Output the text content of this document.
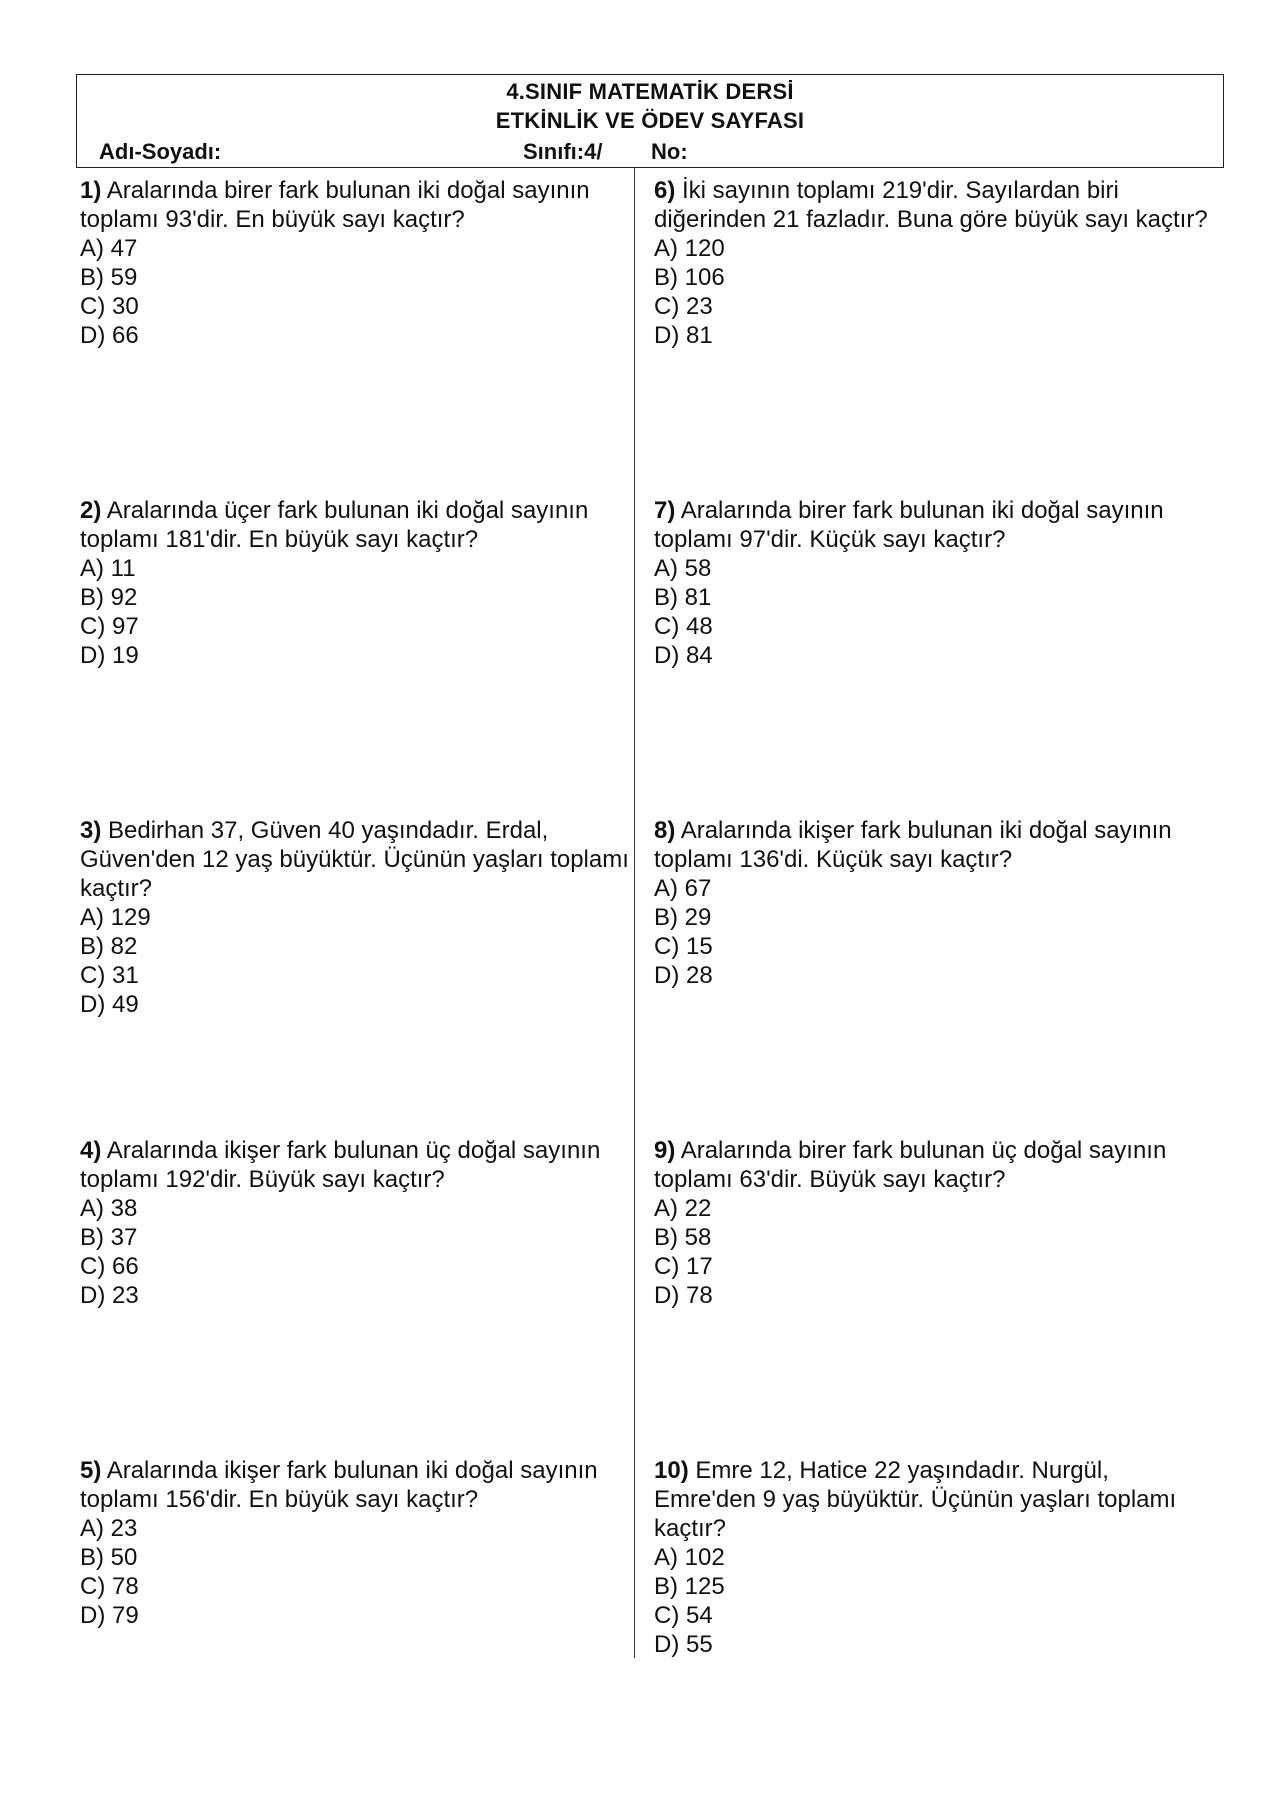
4.SINIF MATEMATİK DERSİ
ETKİNLİK VE ÖDEV SAYFASI
Adı-Soyadı:	Sınıfı:4/ No:
1) Aralarında birer fark bulunan iki doğal sayının toplamı 93'dir. En büyük sayı kaçtır?
A) 47
B) 59
C) 30
D) 66
2) Aralarında üçer fark bulunan iki doğal sayının toplamı 181'dir. En büyük sayı kaçtır?
A) 11
B) 92
C) 97
D) 19
3) Bedirhan 37, Güven 40 yaşındadır. Erdal, Güven'den 12 yaş büyüktür. Üçünün yaşları toplamı kaçtır?
A) 129
B) 82
C) 31
D) 49
4) Aralarında ikişer fark bulunan üç doğal sayının toplamı 192'dir. Büyük sayı kaçtır?
A) 38
B) 37
C) 66
D) 23
5) Aralarında ikişer fark bulunan iki doğal sayının toplamı 156'dir. En büyük sayı kaçtır?
A) 23
B) 50
C) 78
D) 79
6) İki sayının toplamı 219'dir. Sayılardan biri diğerinden 21 fazladır. Buna göre büyük sayı kaçtır?
A) 120
B) 106
C) 23
D) 81
7) Aralarında birer fark bulunan iki doğal sayının toplamı 97'dir. Küçük sayı kaçtır?
A) 58
B) 81
C) 48
D) 84
8) Aralarında ikişer fark bulunan iki doğal sayının toplamı 136'di. Küçük sayı kaçtır?
A) 67
B) 29
C) 15
D) 28
9) Aralarında birer fark bulunan üç doğal sayının toplamı 63'dir. Büyük sayı kaçtır?
A) 22
B) 58
C) 17
D) 78
10) Emre 12, Hatice 22 yaşındadır. Nurgül, Emre'den 9 yaş büyüktür. Üçünün yaşları toplamı kaçtır?
A) 102
B) 125
C) 54
D) 55
